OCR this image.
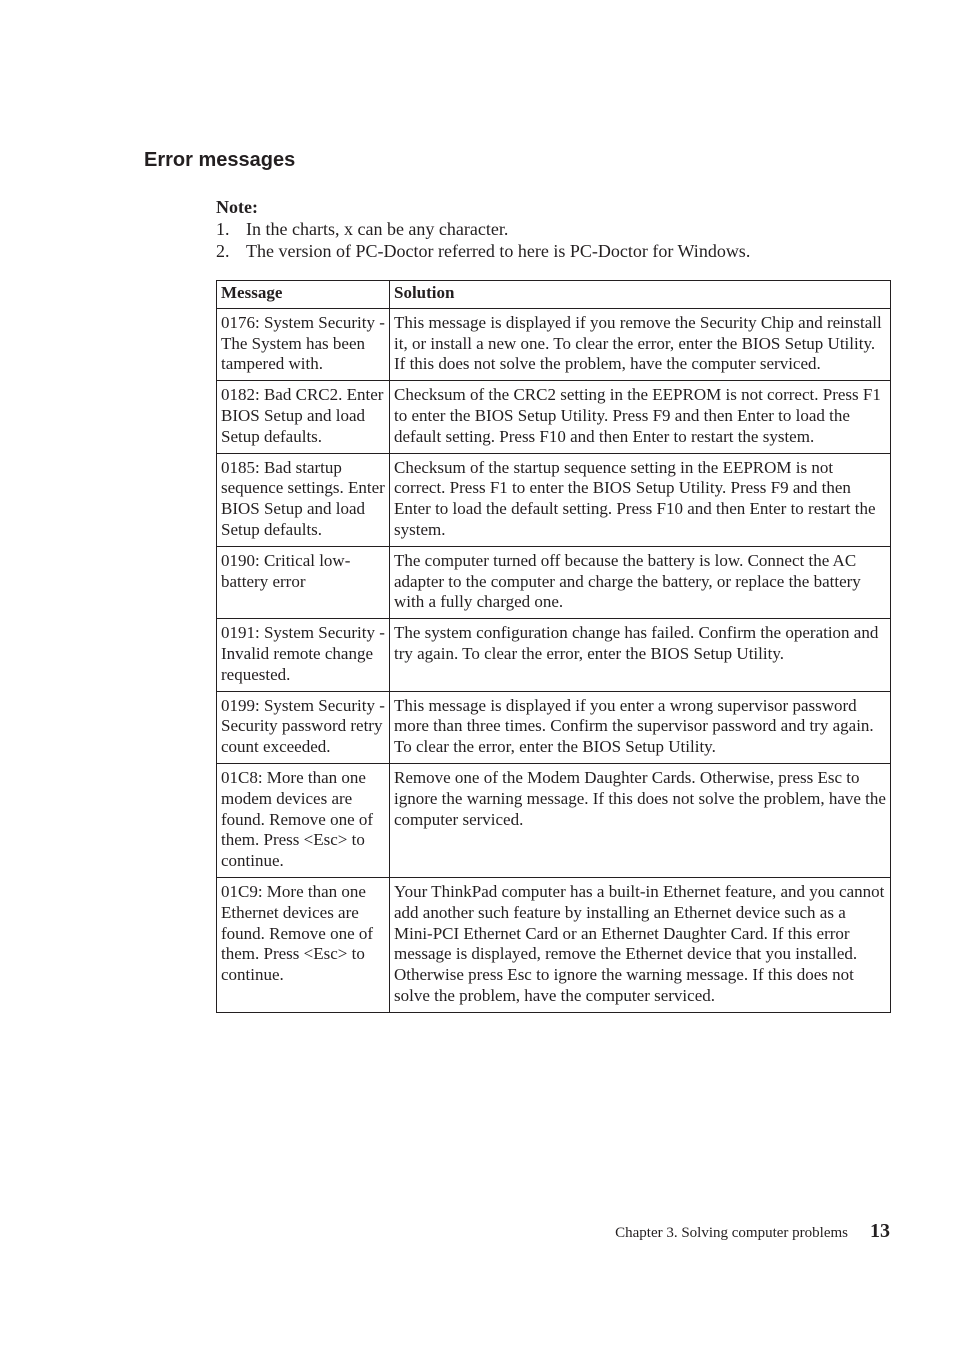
Error messages

Note:

1. In the charts, x can be any character.
2. The version of PC-Doctor referred to here is PC-Doctor for Windows.
Message	Solution
0176: System Security - The System has been tampered with.	This message is displayed if you remove the Security Chip and reinstall it, or install a new one. To clear the error, enter the BIOS Setup Utility. If this does not solve the problem, have the computer serviced.
0182: Bad CRC2. Enter BIOS Setup and load Setup defaults.	Checksum of the CRC2 setting in the EEPROM is not correct. Press F1 to enter the BIOS Setup Utility. Press F9 and then Enter to load the default setting. Press F10 and then Enter to restart the system.
0185: Bad startup sequence settings. Enter BIOS Setup and load Setup defaults.	Checksum of the startup sequence setting in the EEPROM is not correct. Press F1 to enter the BIOS Setup Utility. Press F9 and then Enter to load the default setting. Press F10 and then Enter to restart the system.
0190: Critical low-battery error	The computer turned off because the battery is low. Connect the AC adapter to the computer and charge the battery, or replace the battery with a fully charged one.
0191: System Security - Invalid remote change requested.	The system configuration change has failed. Confirm the operation and try again. To clear the error, enter the BIOS Setup Utility.
0199: System Security - Security password retry count exceeded.	This message is displayed if you enter a wrong supervisor password more than three times. Confirm the supervisor password and try again. To clear the error, enter the BIOS Setup Utility.
01C8: More than one modem devices are found. Remove one of them. Press <Esc> to continue.	Remove one of the Modem Daughter Cards. Otherwise, press Esc to ignore the warning message. If this does not solve the problem, have the computer serviced.
01C9: More than one Ethernet devices are found. Remove one of them. Press <Esc> to continue.	Your ThinkPad computer has a built-in Ethernet feature, and you cannot add another such feature by installing an Ethernet device such as a Mini-PCI Ethernet Card or an Ethernet Daughter Card. If this error message is displayed, remove the Ethernet device that you installed. Otherwise press Esc to ignore the warning message. If this does not solve the problem, have the computer serviced.
Chapter 3. Solving computer problems 13
